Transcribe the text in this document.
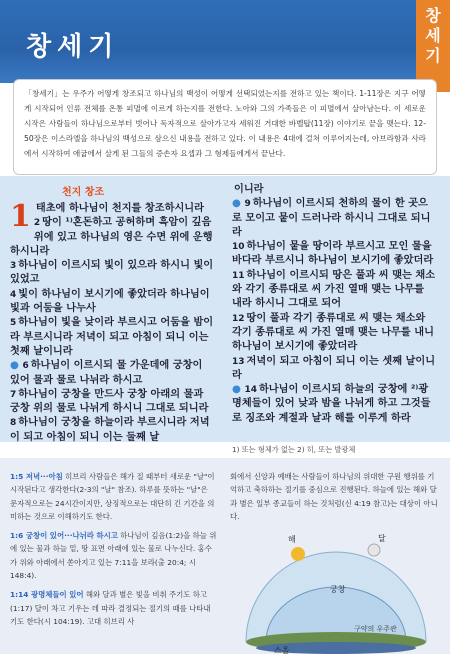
창세기
창세기

「창세기」는 우주가 어떻게 창조되고 하나님의 백성이 어떻게 선택되었는지를 전하고 있는 책이다. 1-11장은 지구 어떻게 시작되어 인류 전체를 온통 피멸에 이르게 하는지를 전한다. 노아와 그의 가족들은 이 피멸에서 살아남는다. 이 세로운 시작은 사람들이 하나님으로부터 벗어나 독자적으로 살아가고자 세워진 거대한 바벨탑(11장) 이야기로 끝을 맺는다. 12-50장은 이스라엘을 하나님의 백성으로 삼으신 내용을 전하고 있다. 이 내용은 4대에 걸쳐 이루어지는데, 아브라함과 사라에서 시작하여 애굽에서 살게 된 그들의 증손자 요셉과 그 형제들에게서 끝난다.

천지 창조

1 태초에 하나님이 천지를 창조하시니라

2 땅이 ¹⁾혼돈하고 공허하며 흑암이 깊음 위에 있고 하나님의 영은 수면 위에 운행하시니라

3 하나님이 이르시되 빛이 있으라 하시니 빛이 있었고

4 빛이 하나님이 보시기에 좋았더라 하나님이 빛과 어둠을 나누사

5 하나님이 빛을 낮이라 부르시고 어둠을 밤이라 부르시니라 저녁이 되고 아침이 되니 이는 첫째 날이니라

● 6 하나님이 이르시되 물 가운데에 궁창이 있어 물과 물로 나뉘라 하시고

7 하나님이 궁창을 만드사 궁창 아래의 물과 궁창 위의 물로 나뉘게 하시니 그대로 되니라

8 하나님이 궁창을 하늘이라 부르시니라 저녁이 되고 아침이 되니 이는 둘째 날

이니라

● 9 하나님이 이르시되 천하의 물이 한 곳으로 모이고 뭍이 드러나라 하시니 그대로 되니라

10 하나님이 뭍을 땅이라 부르시고 모인 물을 바다라 부르시니 하나님이 보시기에 좋았더라

11 하나님이 이르시되 땅은 풀과 씨 맺는 채소와 각기 종류대로 씨 가진 열매 맺는 나무를 내라 하시니 그대로 되어

12 땅이 풀과 각기 종류대로 씨 맺는 채소와 각기 종류대로 씨 가진 열매 맺는 나무를 내니 하나님이 보시기에 좋았더라

13 저녁이 되고 아침이 되니 이는 셋째 날이니라

● 14 하나님이 이르시되 하늘의 궁창에 ²⁾광명체들이 있어 낮과 밤을 나뉘게 하고 그것들로 징조와 계절과 날과 해를 이루게 하라

1) 또는 형체가 없는 2) 히, 또는 발광체

1:5 저녁···아침 히브리 사람들은 해가 질 때부터 새로운 "날"이 시작된다고 생각한다(2-3의 "날" 참조). 하루를 뜻하는 "날"은 문자적으로는 24시간이지만, 상징적으로는 대단히 긴 기간을 의미하는 것으로 이해하기도 한다.

1:6 궁창이 있어···나뉘라 하시고 하나님이 깊음(1:2)을 하늘 위에 있는 물과 하늘 밑, 땅 표면 아래에 있는 물로 나누신다. 홍수가 위와 아래에서 쏟아지고 있는 7:11을 보라(출 20:4; 시 148:4).

1:14 광명체들이 있어 해와 달과 별은 빛을 비춰 주기도 하고(1:17) 달이 차고 기우는 데 따라 결정되는 절기의 때를 나타내기도 한다(시 104:19). 고대 히브리 사

회에서 신앙과 예배는 사람들이 하나님의 위대한 구원 행위를 기억하고 축하하는 절기를 중심으로 진행된다. 하늘에 있는 해와 달과 별은 일부 종교들이 하는 것처럼(신 4:19 참고)는 대상이 아니다.

해	달
궁창
스올
구약의 우주관
